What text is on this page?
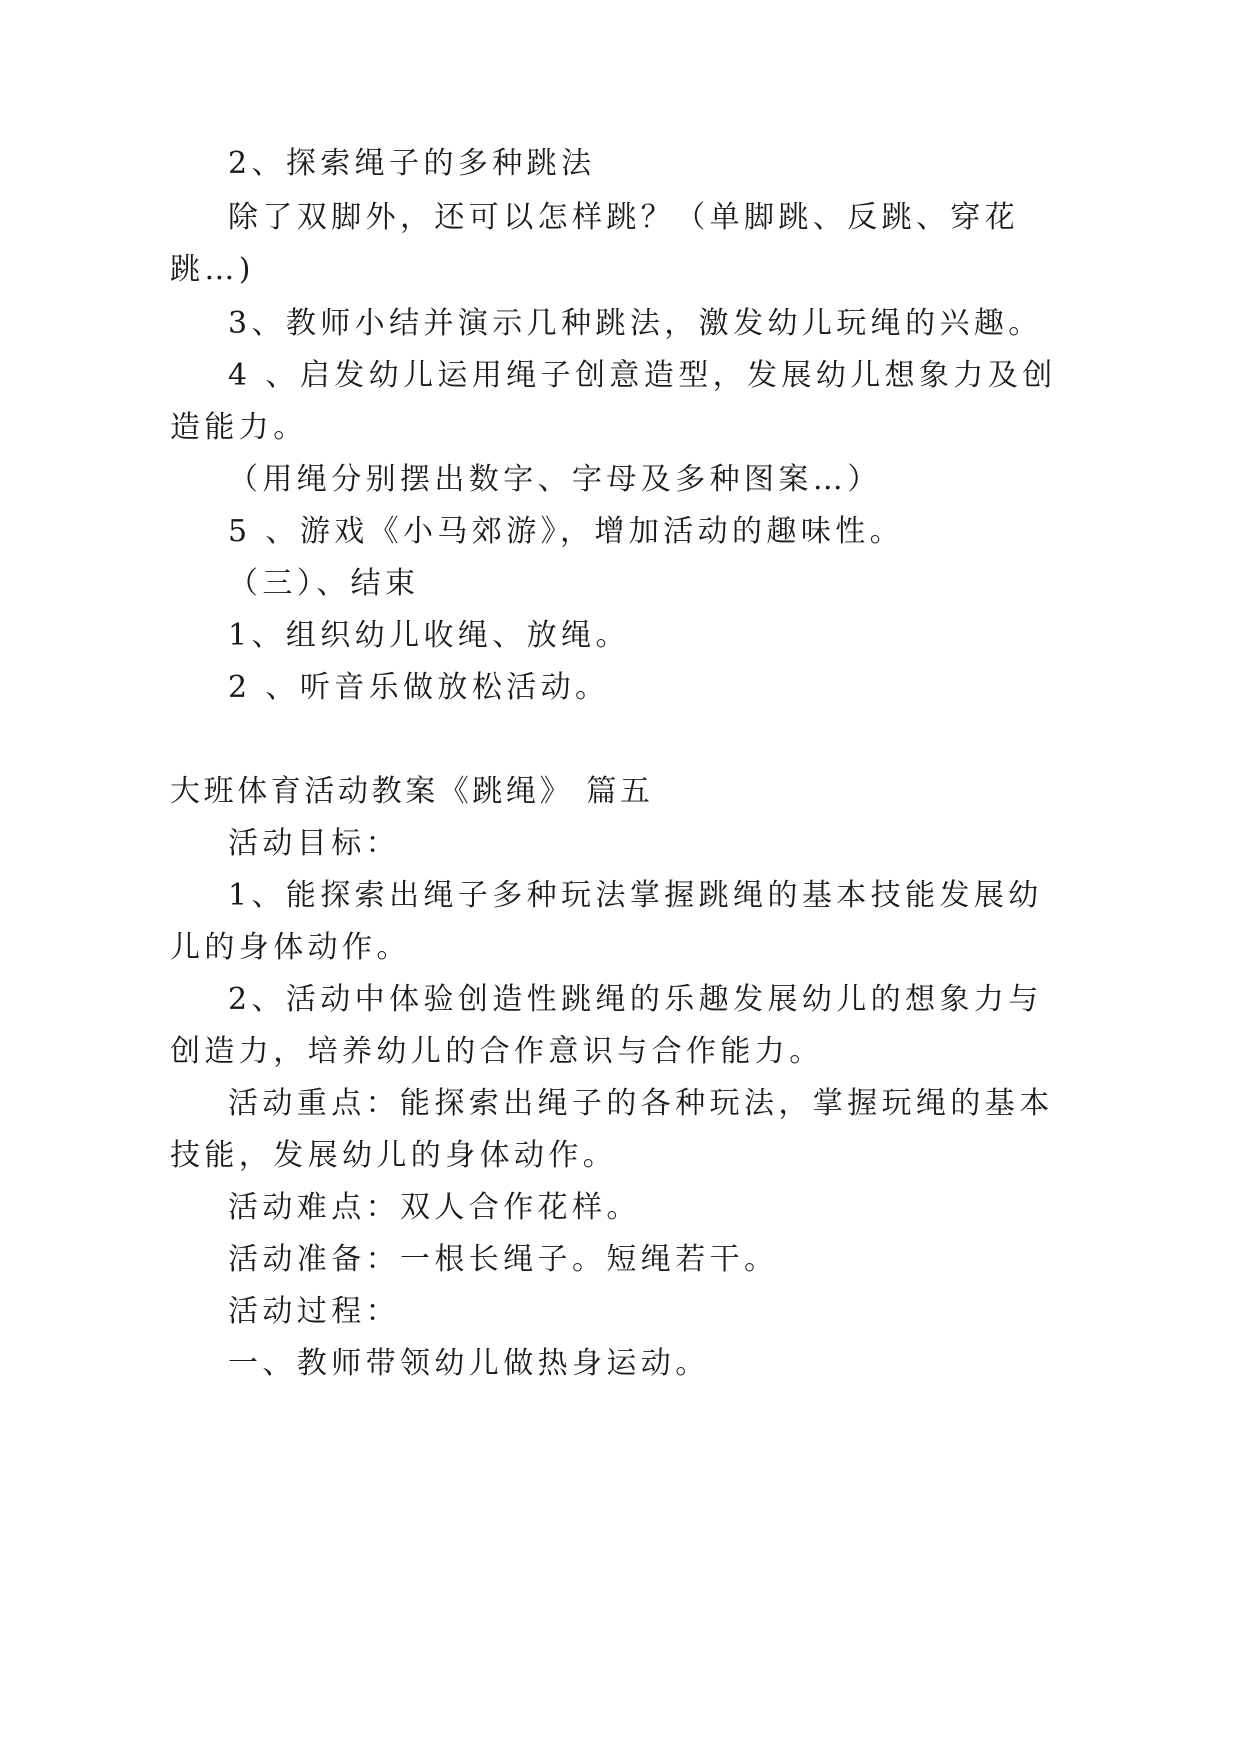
2、探索绳子的多种跳法

除了双脚外，还可以怎样跳？（单脚跳、反跳、穿花

跳…)

3、教师小结并演示几种跳法，激发幼儿玩绳的兴趣。

4 、启发幼儿运用绳子创意造型，发展幼儿想象力及创

造能力。

（用绳分别摆出数字、字母及多种图案…）

5 、游戏《小马郊游》，增加活动的趣味性。

（三）、结束

1、组织幼儿收绳、放绳。

2 、听音乐做放松活动。

大班体育活动教案《跳绳》 篇五

活动目标：

1、能探索出绳子多种玩法掌握跳绳的基本技能发展幼

儿的身体动作。

2、活动中体验创造性跳绳的乐趣发展幼儿的想象力与

创造力，培养幼儿的合作意识与合作能力。

活动重点：能探索出绳子的各种玩法，掌握玩绳的基本

技能，发展幼儿的身体动作。

活动难点：双人合作花样。

活动准备：一根长绳子。短绳若干。

活动过程：

一、教师带领幼儿做热身运动。
